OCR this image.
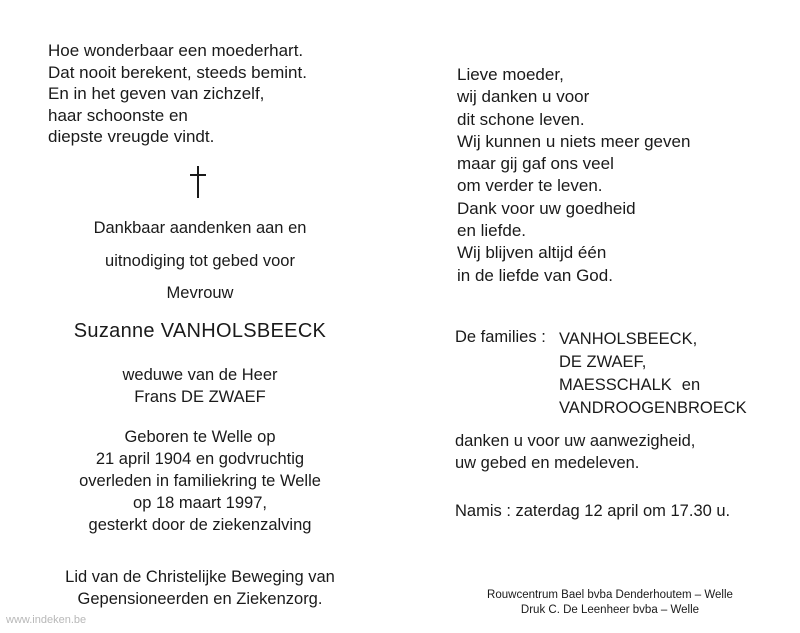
Hoe wonderbaar een moederhart.
Dat nooit berekent, steeds bemint.
En in het geven van zichzelf,
haar schoonste en
diepste vreugde vindt.
Dankbaar aandenken aan en
uitnodiging tot gebed voor
Mevrouw
Suzanne VANHOLSBEECK
weduwe van de Heer
Frans DE ZWAEF
Geboren te Welle op
21 april 1904 en godvruchtig
overleden in familiekring te Welle
op 18 maart 1997,
gesterkt door de ziekenzalving
Lid van de Christelijke Beweging van
Gepensioneerden en Ziekenzorg.
Lieve moeder,
wij danken u voor
dit schone leven.
Wij kunnen u niets meer geven
maar gij gaf ons veel
om verder te leven.
Dank voor uw goedheid
en liefde.
Wij blijven altijd één
in de liefde van God.
De families : VANHOLSBEECK,
DE ZWAEF,
MAESSCHALK en
VANDROOGENBROECK
danken u voor uw aanwezigheid,
uw gebed en medeleven.
Namis : zaterdag 12 april om 17.30 u.
Rouwcentrum Bael bvba Denderhoutem – Welle
Druk C. De Leenheer bvba – Welle
www.indeken.be
